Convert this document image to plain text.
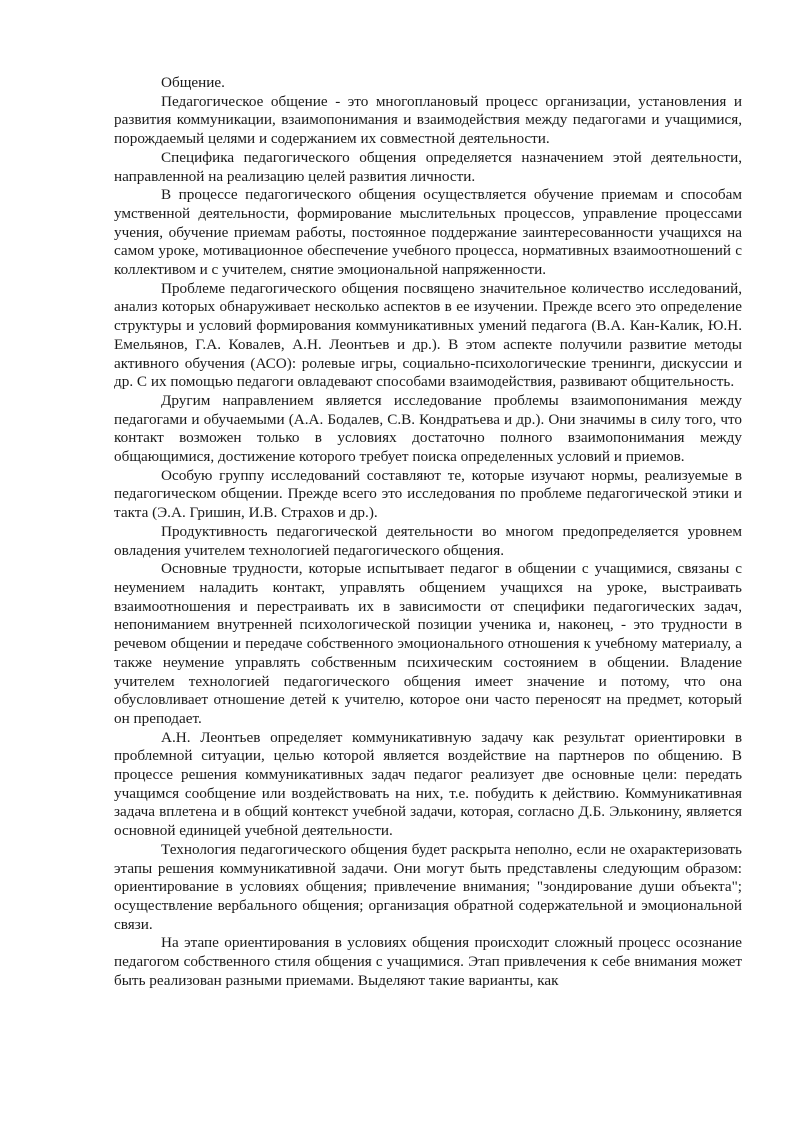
Общение.

Педагогическое общение - это многоплановый процесс организации, установления и развития коммуникации, взаимопонимания и взаимодействия между педагогами и учащимися, порождаемый целями и содержанием их совместной деятельности.

Специфика педагогического общения определяется назначением этой деятельности, направленной на реализацию целей развития личности.

В процессе педагогического общения осуществляется обучение приемам и способам умственной деятельности, формирование мыслительных процессов, управление процессами учения, обучение приемам работы, постоянное поддержание заинтересованности учащихся на самом уроке, мотивационное обеспечение учебного процесса, нормативных взаимоотношений с коллективом и с учителем, снятие эмоциональной напряженности.

Проблеме педагогического общения посвящено значительное количество исследований, анализ которых обнаруживает несколько аспектов в ее изучении. Прежде всего это определение структуры и условий формирования коммуникативных умений педагога (В.А. Кан-Калик, Ю.Н. Емельянов, Г.А. Ковалев, А.Н. Леонтьев и др.). В этом аспекте получили развитие методы активного обучения (АСО): ролевые игры, социально-психологические тренинги, дискуссии и др. С их помощью педагоги овладевают способами взаимодействия, развивают общительность.

Другим направлением является исследование проблемы взаимопонимания между педагогами и обучаемыми (А.А. Бодалев, С.В. Кондратьева и др.). Они значимы в силу того, что контакт возможен только в условиях достаточно полного взаимопонимания между общающимися, достижение которого требует поиска определенных условий и приемов.

Особую группу исследований составляют те, которые изучают нормы, реализуемые в педагогическом общении. Прежде всего это исследования по проблеме педагогической этики и такта (Э.А. Гришин, И.В. Страхов и др.).

Продуктивность педагогической деятельности во многом предопределяется уровнем овладения учителем технологией педагогического общения.

Основные трудности, которые испытывает педагог в общении с учащимися, связаны с неумением наладить контакт, управлять общением учащихся на уроке, выстраивать взаимоотношения и перестраивать их в зависимости от специфики педагогических задач, непониманием внутренней психологической позиции ученика и, наконец, - это трудности в речевом общении и передаче собственного эмоционального отношения к учебному материалу, а также неумение управлять собственным психическим состоянием в общении. Владение учителем технологией педагогического общения имеет значение и потому, что она обусловливает отношение детей к учителю, которое они часто переносят на предмет, который он преподает.

А.Н. Леонтьев определяет коммуникативную задачу как результат ориентировки в проблемной ситуации, целью которой является воздействие на партнеров по общению. В процессе решения коммуникативных задач педагог реализует две основные цели: передать учащимся сообщение или воздействовать на них, т.е. побудить к действию. Коммуникативная задача вплетена и в общий контекст учебной задачи, которая, согласно Д.Б. Эльконину, является основной единицей учебной деятельности.

Технология педагогического общения будет раскрыта неполно, если не охарактеризовать этапы решения коммуникативной задачи. Они могут быть представлены следующим образом: ориентирование в условиях общения; привлечение внимания; "зондирование души объекта"; осуществление вербального общения; организация обратной содержательной и эмоциональной связи.

На этапе ориентирования в условиях общения происходит сложный процесс осознание педагогом собственного стиля общения с учащимися. Этап привлечения к себе внимания может быть реализован разными приемами. Выделяют такие варианты, как
